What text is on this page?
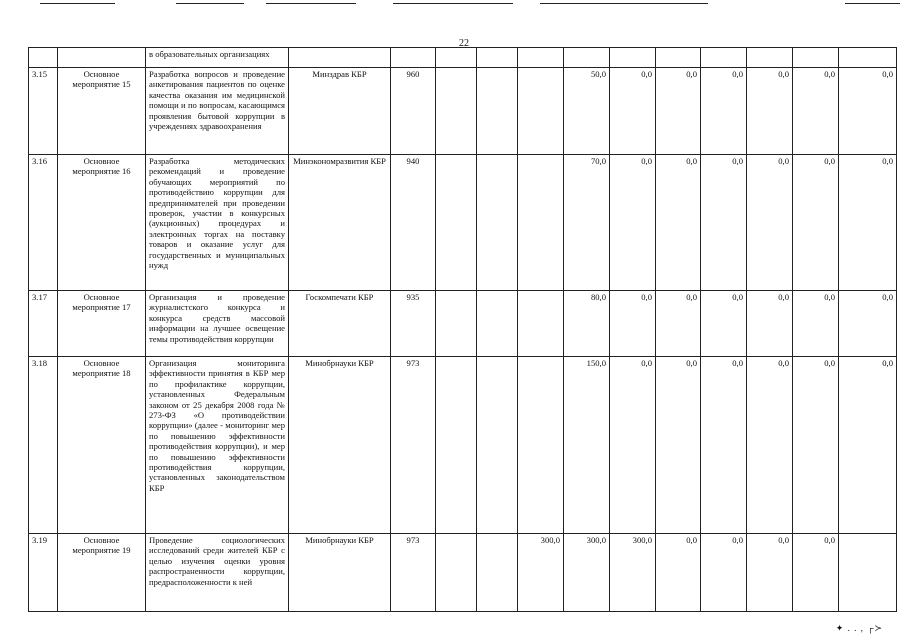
22
		в образовательных организациях												
3.15	Основное мероприятие 15	Разработка вопросов и проведение анкетирования пациентов по оценке качества оказания им медицинской помощи и по вопросам, касающимся проявления бытовой коррупции в учреждениях здравоохранения	Минздрав КБР	960				50,0	0,0	0,0	0,0	0,0	0,0	0,0
3.16	Основное мероприятие 16	Разработка методических рекомендаций и проведение обучающих мероприятий по противодействию коррупции для предпринимателей при проведении проверок, участии в конкурсных (аукционных) процедурах и электронных торгах на поставку товаров и оказание услуг для государственных и муниципальных нужд	Минэкономразвития КБР	940				70,0	0,0	0,0	0,0	0,0	0,0	0,0
3.17	Основное мероприятие 17	Организация и проведение журналистского конкурса и конкурса средств массовой информации на лучшее освещение темы противодействия коррупции	Госкомпечати КБР	935				80,0	0,0	0,0	0,0	0,0	0,0	0,0
3.18	Основное мероприятие 18	Организация мониторинга эффективности принятия в КБР мер по профилактике коррупции, установленных Федеральным законом от 25 декабря 2008 года № 273-ФЗ «О противодействии коррупции» (далее - мониторинг мер по повышению эффективности противодействия коррупции), и мер по повышению эффективности противодействия коррупции, установленных законодательством КБР	Минобрнауки КБР	973				150,0	0,0	0,0	0,0	0,0	0,0	0,0
3.19	Основное мероприятие 19	Проведение социологических исследований среди жителей КБР с целью изучения оценки уровня распространенности коррупции, предрасположенности к ней	Минобрнауки КБР	973			300,0	300,0	300,0	0,0	0,0	0,0	0,0	
✦ . . , ┌≻
